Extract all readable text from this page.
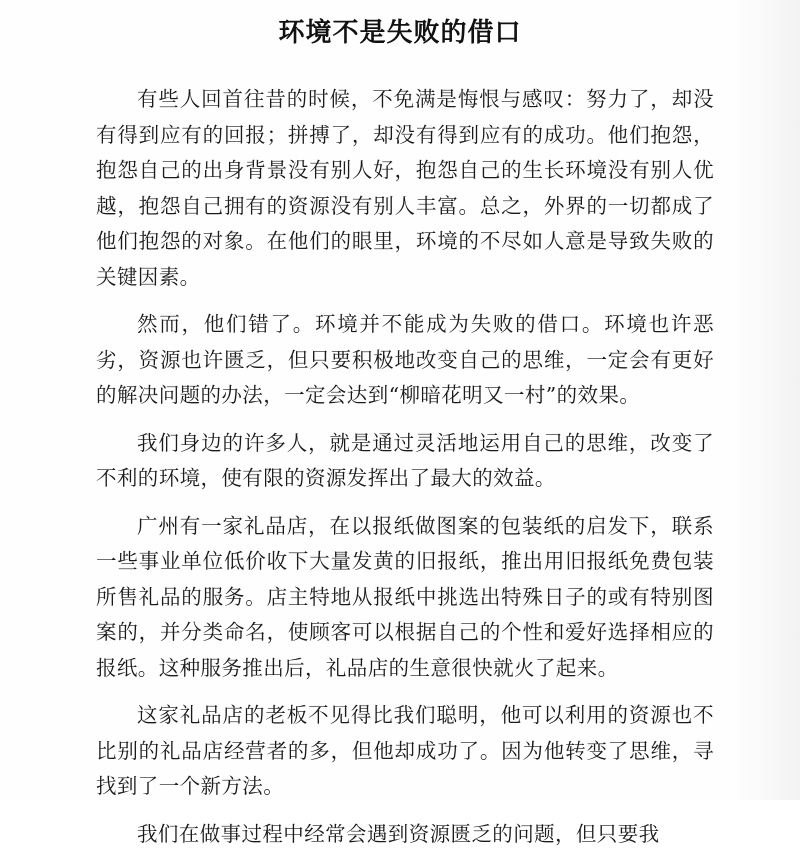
环境不是失败的借口

有些人回首往昔的时候，不免满是悔恨与感叹：努力了，却没有得到应有的回报；拼搏了，却没有得到应有的成功。他们抱怨，抱怨自己的出身背景没有别人好，抱怨自己的生长环境没有别人优越，抱怨自己拥有的资源没有别人丰富。总之，外界的一切都成了他们抱怨的对象。在他们的眼里，环境的不尽如人意是导致失败的关键因素。

然而，他们错了。环境并不能成为失败的借口。环境也许恶劣，资源也许匮乏，但只要积极地改变自己的思维，一定会有更好的解决问题的办法，一定会达到“柳暗花明又一村”的效果。

我们身边的许多人，就是通过灵活地运用自己的思维，改变了不利的环境，使有限的资源发挥出了最大的效益。

广州有一家礼品店，在以报纸做图案的包装纸的启发下，联系一些事业单位低价收下大量发黄的旧报纸，推出用旧报纸免费包装所售礼品的服务。店主特地从报纸中挑选出特殊日子的或有特别图案的，并分类命名，使顾客可以根据自己的个性和爱好选择相应的报纸。这种服务推出后，礼品店的生意很快就火了起来。

这家礼品店的老板不见得比我们聪明，他可以利用的资源也不比别的礼品店经营者的多，但他却成功了。因为他转变了思维，寻找到了一个新方法。

我们在做事过程中经常会遇到资源匮乏的问题，但只要我
